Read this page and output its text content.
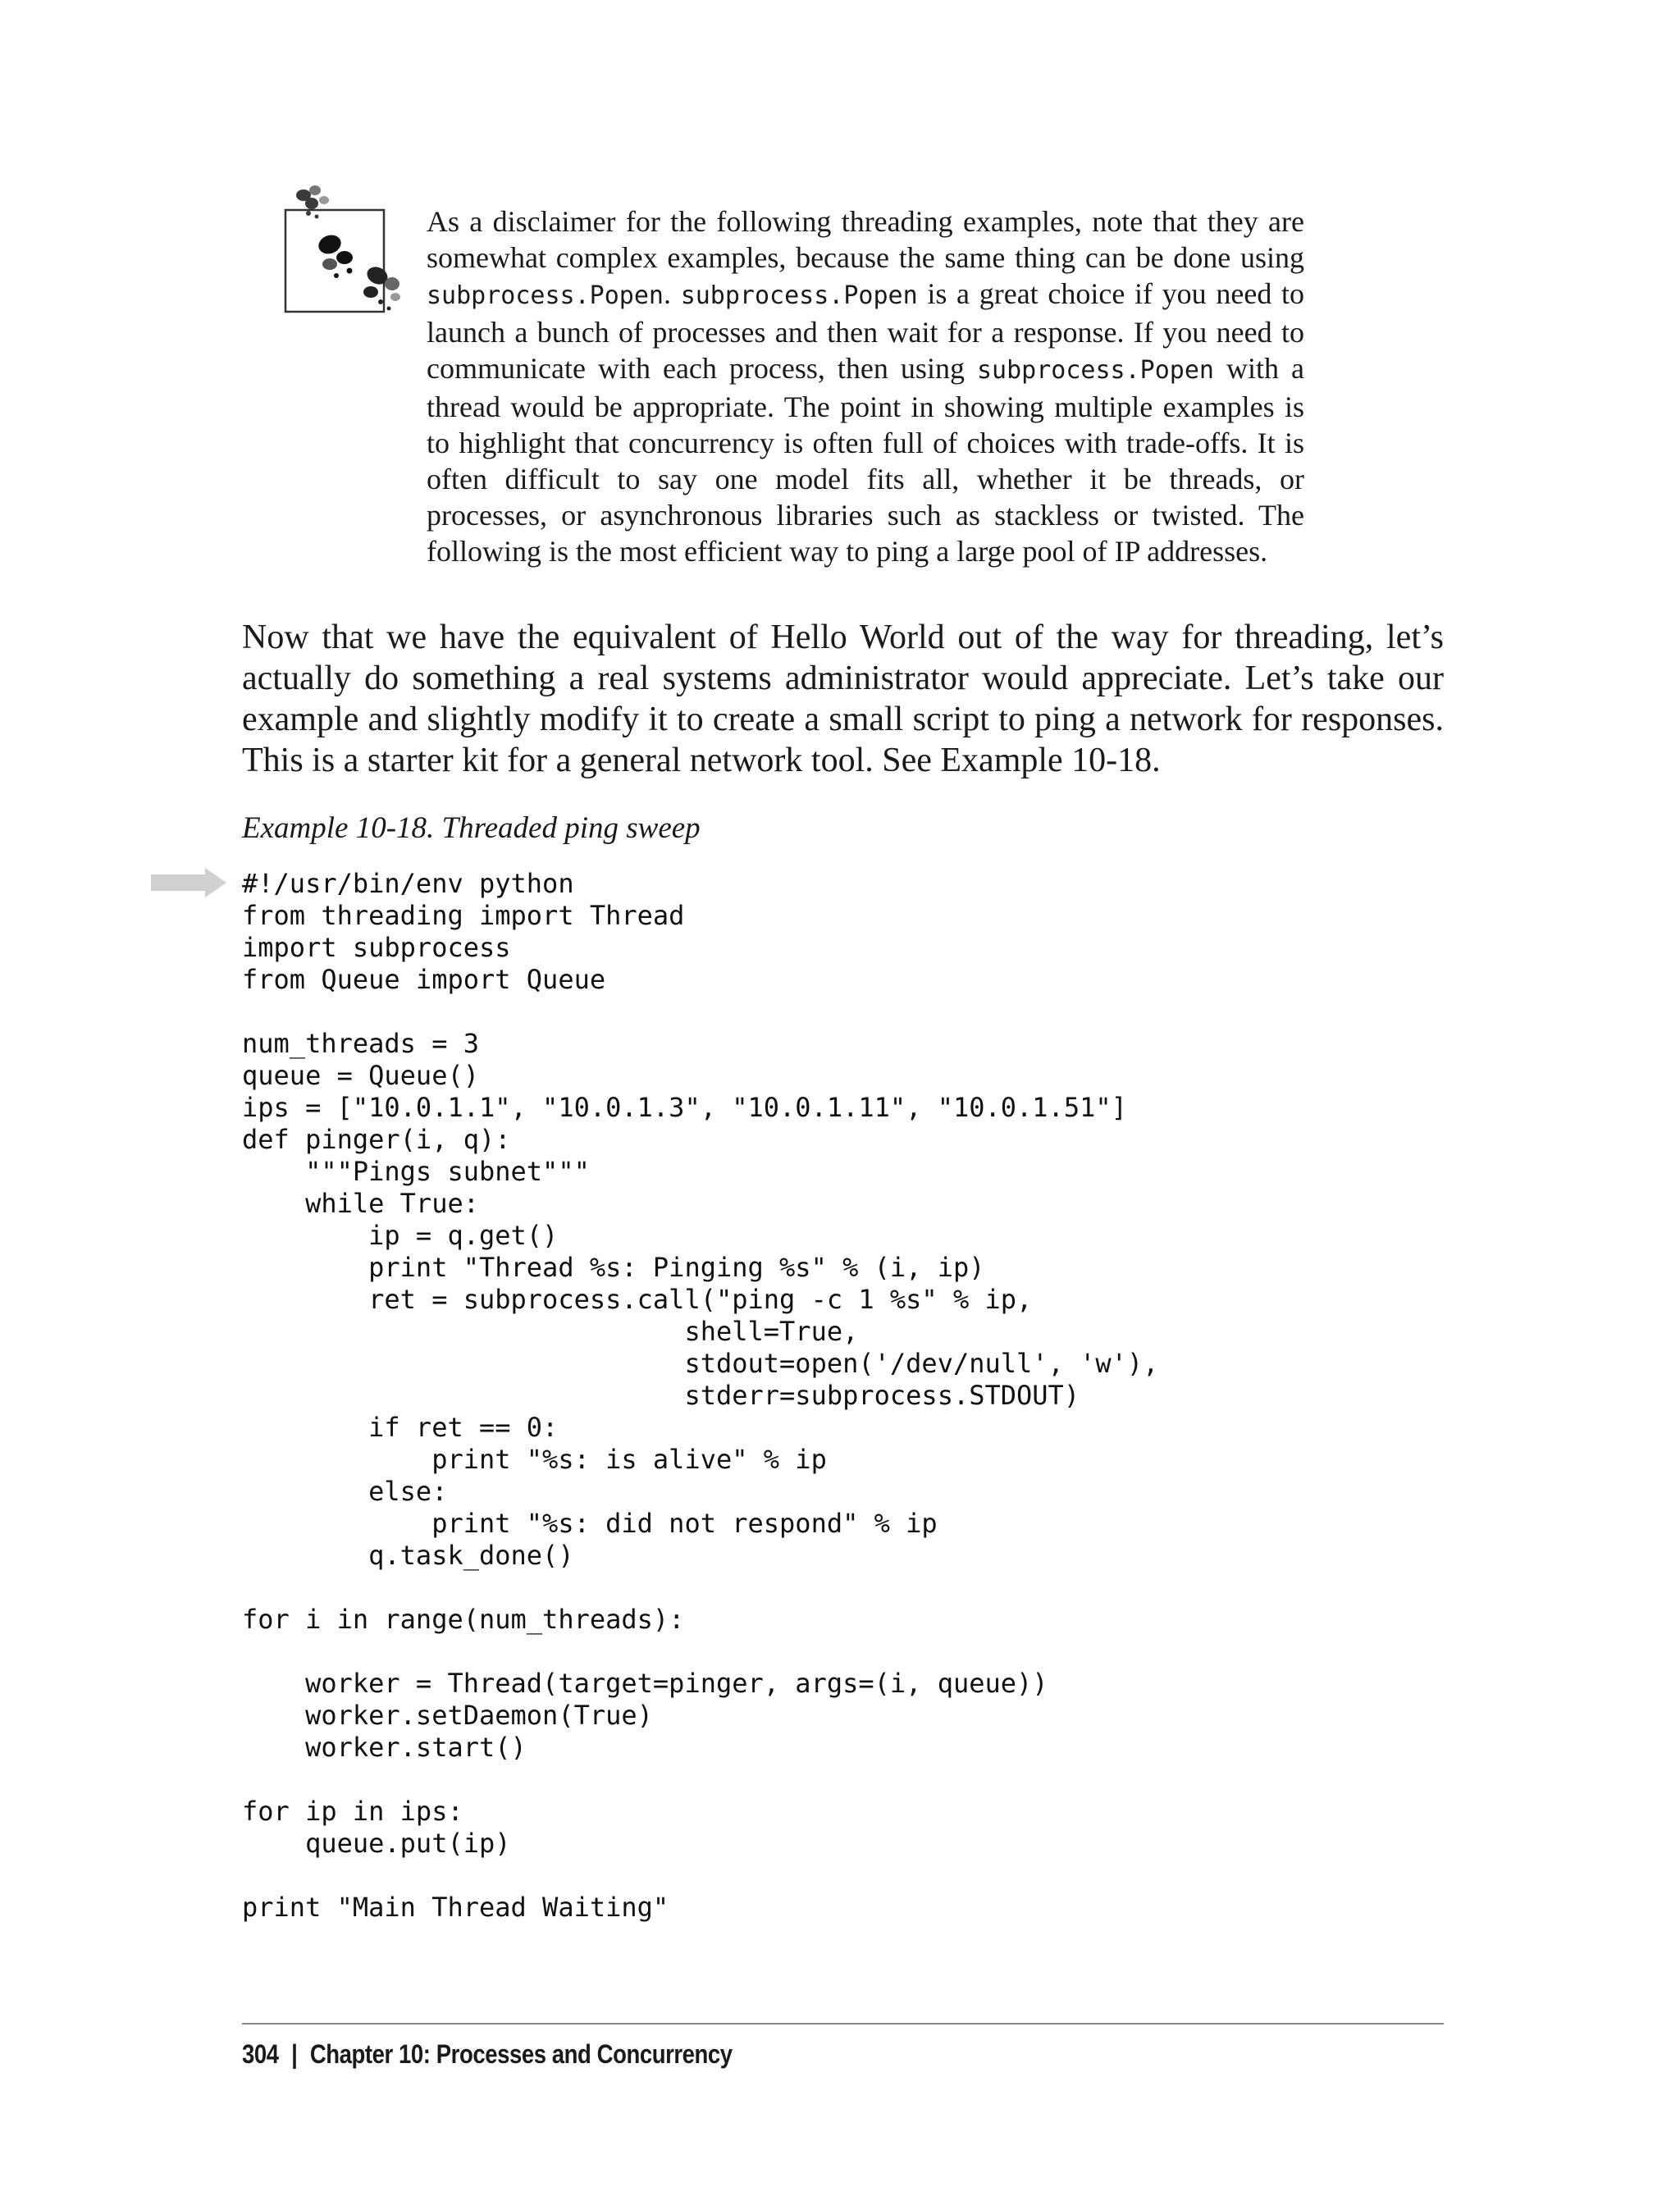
As a disclaimer for the following threading examples, note that they are somewhat complex examples, because the same thing can be done using subprocess.Popen. subprocess.Popen is a great choice if you need to launch a bunch of processes and then wait for a response. If you need to communicate with each process, then using subprocess.Popen with a thread would be appropriate. The point in showing multiple examples is to highlight that concurrency is often full of choices with trade-offs. It is often difficult to say one model fits all, whether it be threads, or processes, or asynchronous libraries such as stackless or twisted. The following is the most efficient way to ping a large pool of IP addresses.

Now that we have the equivalent of Hello World out of the way for threading, let’s actually do something a real systems administrator would appreciate. Let’s take our example and slightly modify it to create a small script to ping a network for responses. This is a starter kit for a general network tool. See Example 10-18.

Example 10-18. Threaded ping sweep

#!/usr/bin/env python
from threading import Thread
import subprocess
from Queue import Queue

num_threads = 3
queue = Queue()
ips = ["10.0.1.1", "10.0.1.3", "10.0.1.11", "10.0.1.51"]
def pinger(i, q):
"""Pings subnet"""
while True:
ip = q.get()
print "Thread %s: Pinging %s" % (i, ip)
ret = subprocess.call("ping -c 1 %s" % ip,
shell=True,
stdout=open('/dev/null', 'w'),
stderr=subprocess.STDOUT)
if ret == 0:
print "%s: is alive" % ip
else:
print "%s: did not respond" % ip
q.task_done()

for i in range(num_threads):

worker = Thread(target=pinger, args=(i, queue))
worker.setDaemon(True)
worker.start()

for ip in ips:
queue.put(ip)

print "Main Thread Waiting"
304 | Chapter 10: Processes and Concurrency
